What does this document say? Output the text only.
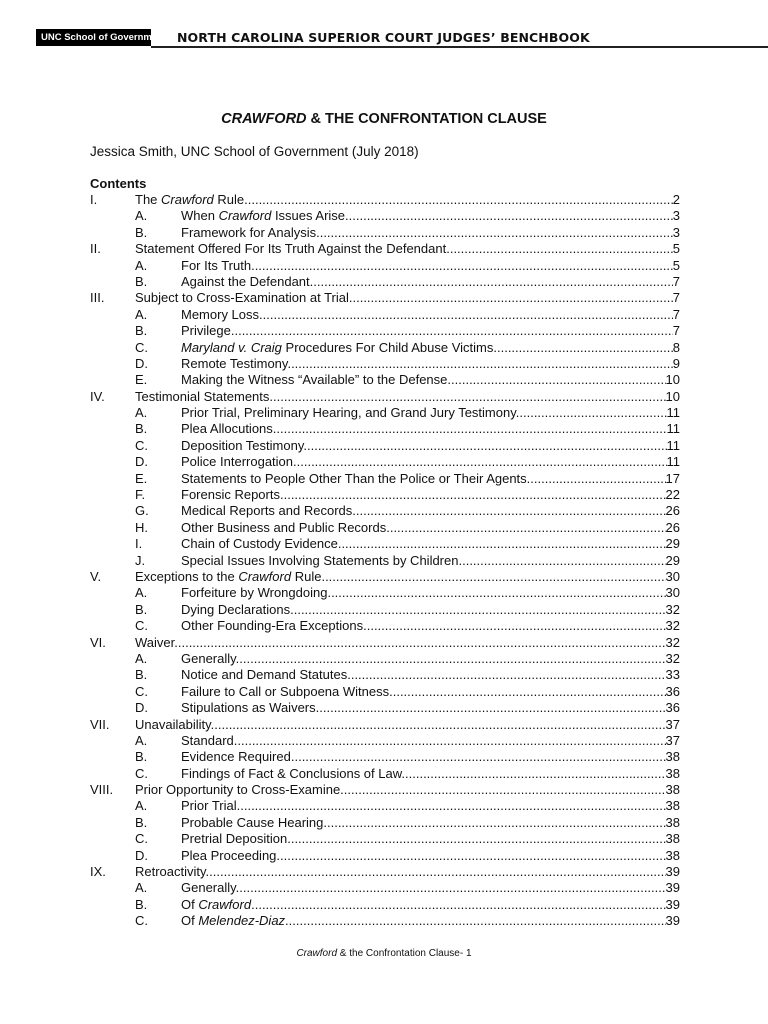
UNC School of Government NORTH CAROLINA SUPERIOR COURT JUDGES’ BENCHBOOK
CRAWFORD & THE CONFRONTATION CLAUSE
Jessica Smith, UNC School of Government (July 2018)
Contents
I.	The Crawford Rule. .....	2
A.	When Crawford Issues Arise. .....	3
B.	Framework for Analysis. .....	3
II.	Statement Offered For Its Truth Against the Defendant. .....	5
A.	For Its Truth. .....	5
B.	Against the Defendant. .....	7
III. Subject to Cross-Examination at Trial. .....	7
A.	Memory Loss. .....	7
B.	Privilege. .....	7
C.	Maryland v. Craig Procedures For Child Abuse Victims. .....	8
D.	Remote Testimony. .....	9
E.	Making the Witness “Available” to the Defense. .....	10
IV. Testimonial Statements. .....	10
A.	Prior Trial, Preliminary Hearing, and Grand Jury Testimony. .....	11
B.	Plea Allocutions. .....	11
C.	Deposition Testimony. .....	11
D.	Police Interrogation. .....	11
E.	Statements to People Other Than the Police or Their Agents. .....	17
F.	Forensic Reports. .....	22
G. Medical Reports and Records. .....	26
H.	Other Business and Public Records. .....	26
I.	Chain of Custody Evidence. .....	29
J.	Special Issues Involving Statements by Children .....	29
V.	Exceptions to the Crawford Rule .....	30
A.	Forfeiture by Wrongdoing. .....	30
B.	Dying Declarations. .....	32
C.	Other Founding-Era Exceptions. .....	32
VI. Waiver. .....	32
A.	Generally. .....	32
B.	Notice and Demand Statutes .....	33
C.	Failure to Call or Subpoena Witness. .....	36
D.	Stipulations as Waivers. .....	36
VII. Unavailability. .....	37
A.	Standard. .....	37
B.	Evidence Required. .....	38
C.	Findings of Fact & Conclusions of Law. .....	38
VIII. Prior Opportunity to Cross-Examine. .....	38
A.	Prior Trial. .....	38
B.	Probable Cause Hearing. .....	38
C.	Pretrial Deposition. .....	38
D.	Plea Proceeding. .....	38
IX. Retroactivity. .....	39
A.	Generally. .....	39
B.	Of Crawford. .....	39
C.	Of Melendez-Diaz. .....	39
Crawford & the Confrontation Clause- 1
